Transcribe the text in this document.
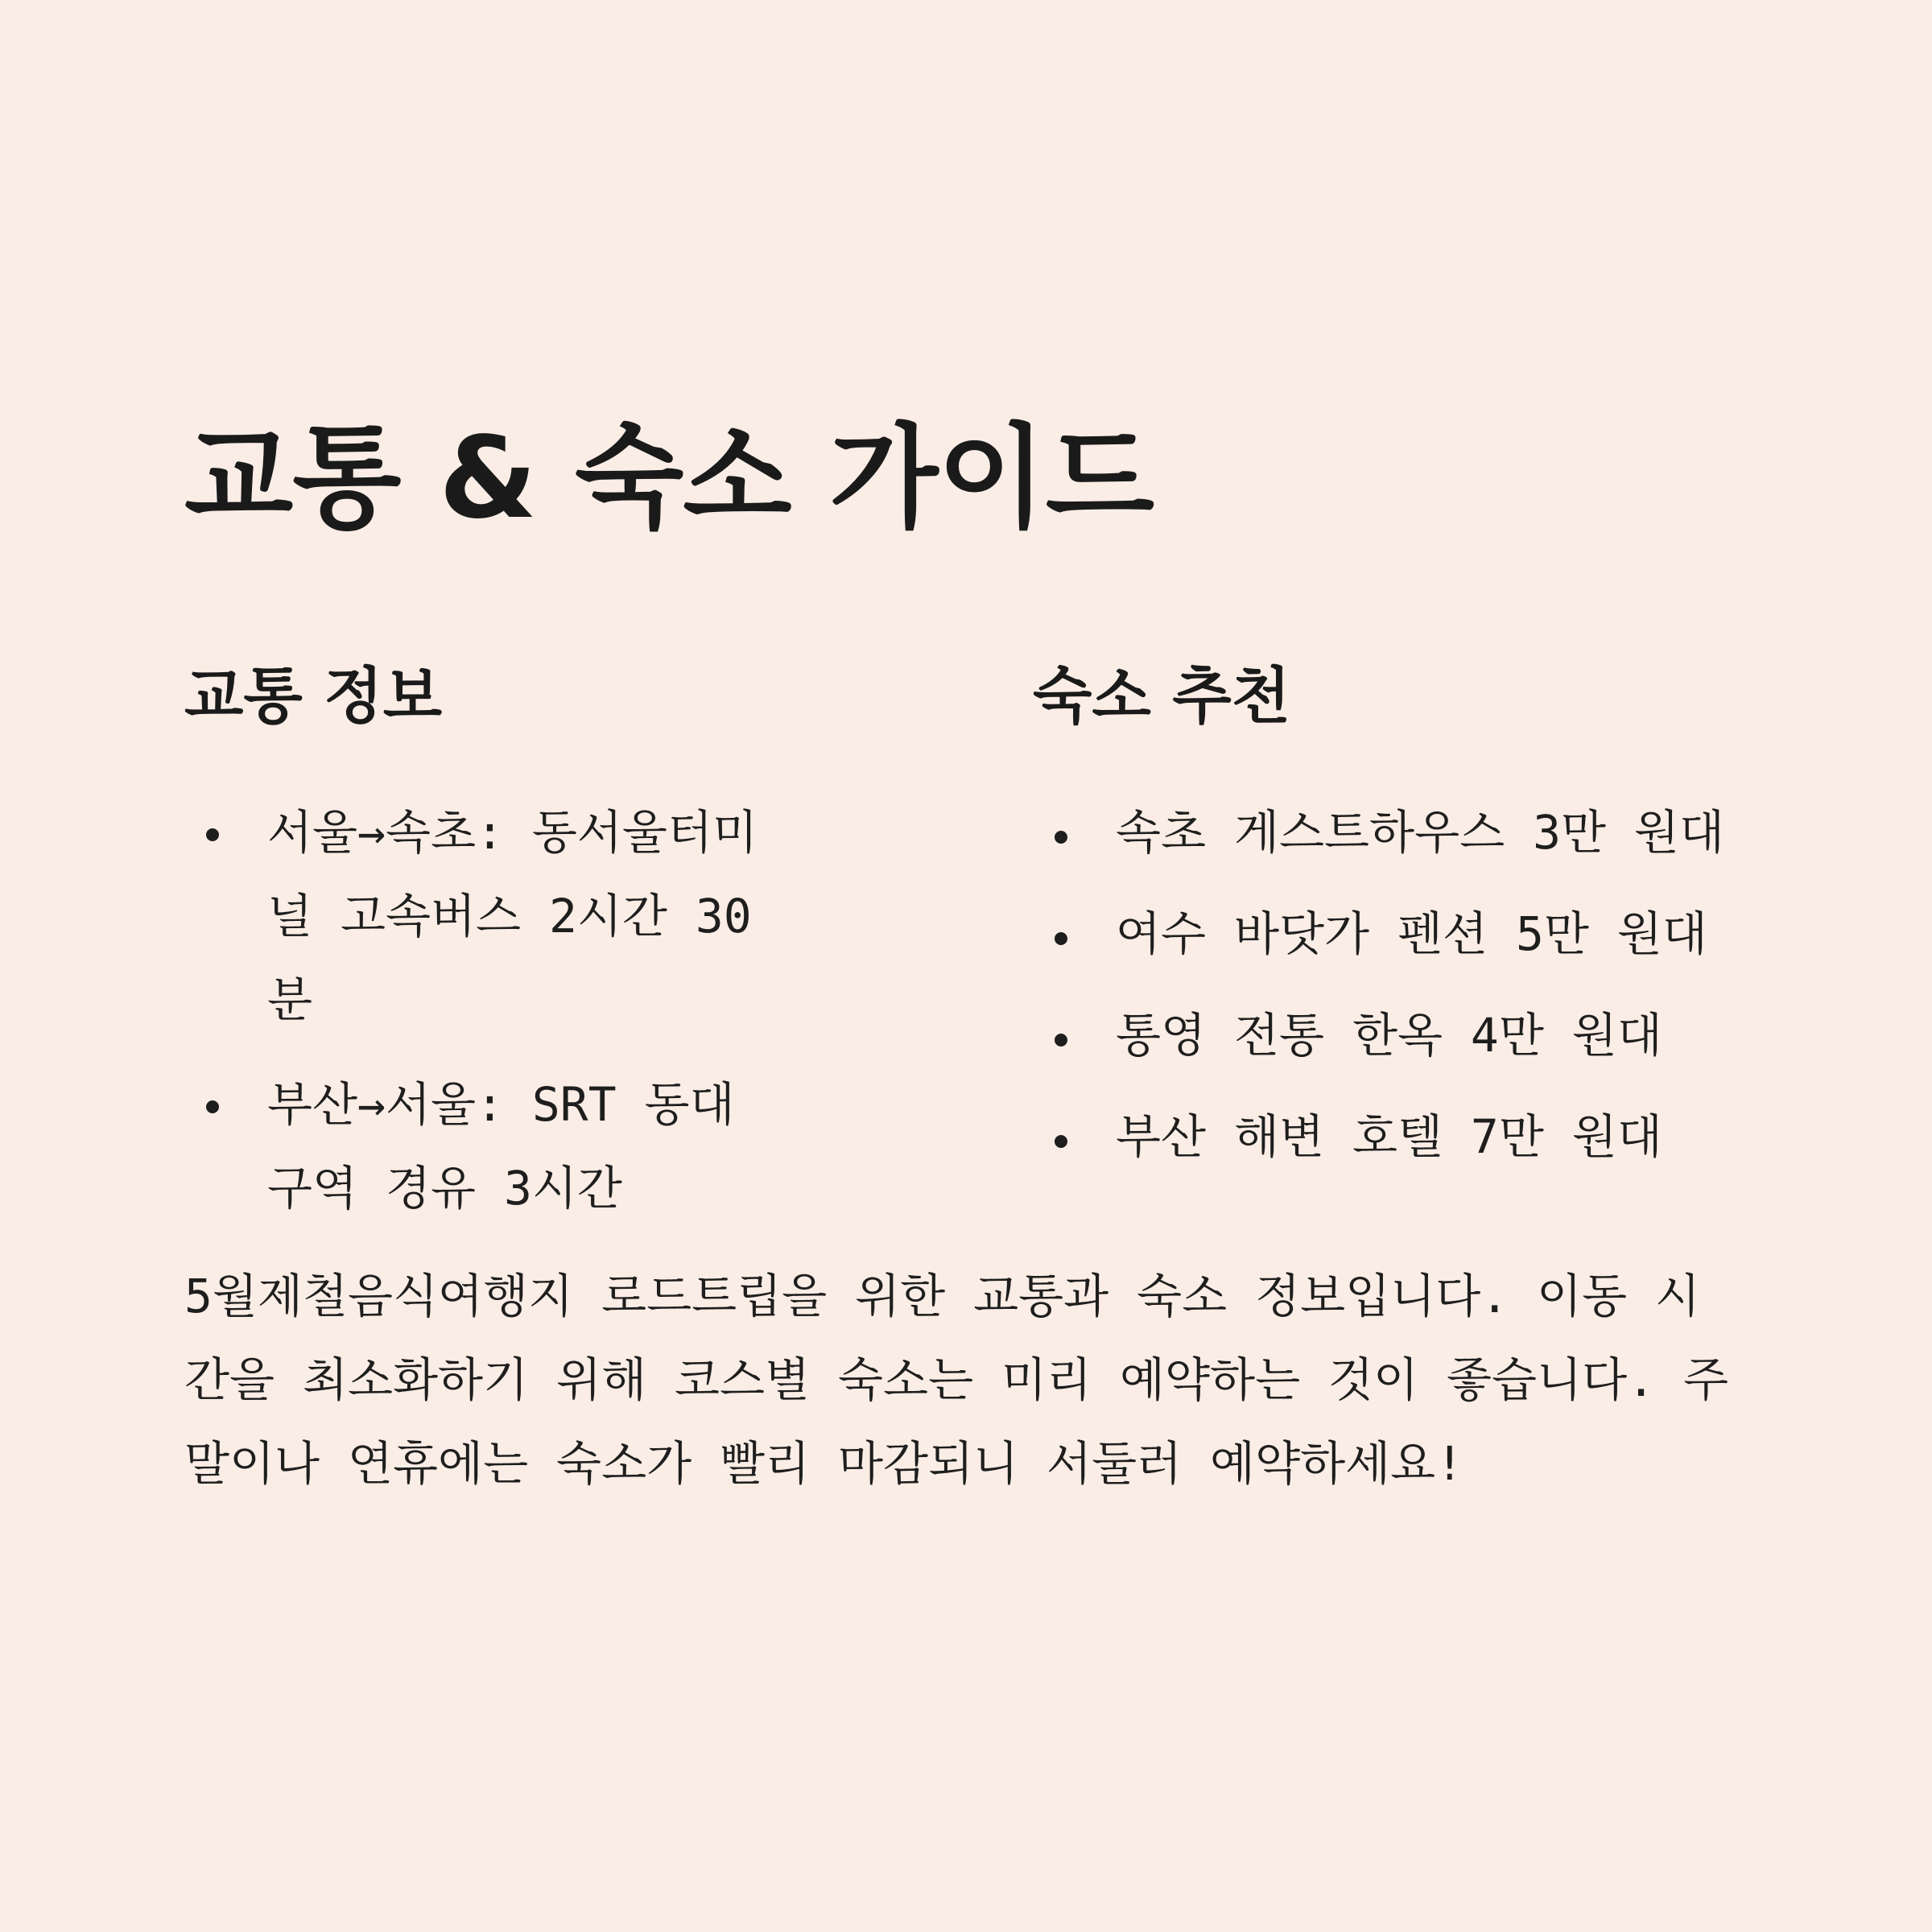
교통 & 숙소 가이드
교통 정보
서울→속초: 동서울터미널 고속버스 2시간 30분
부산→서울: SRT 동대구역 경유 3시간
숙소 추천
속초 게스트하우스 3만 원대
여수 바닷가 펜션 5만 원대
통영 전통 한옥 4만 원대
부산 해변 호텔 7만 원대

5월제철음식여행지 로드트립을 위한 교통과 숙소 정보입니다. 이동 시간을 최소화하기 위해 코스별 숙소는 미리 예약하는 것이 좋습니다. 주말이나 연휴에는 숙소가 빨리 마감되니 서둘러 예약하세요!
